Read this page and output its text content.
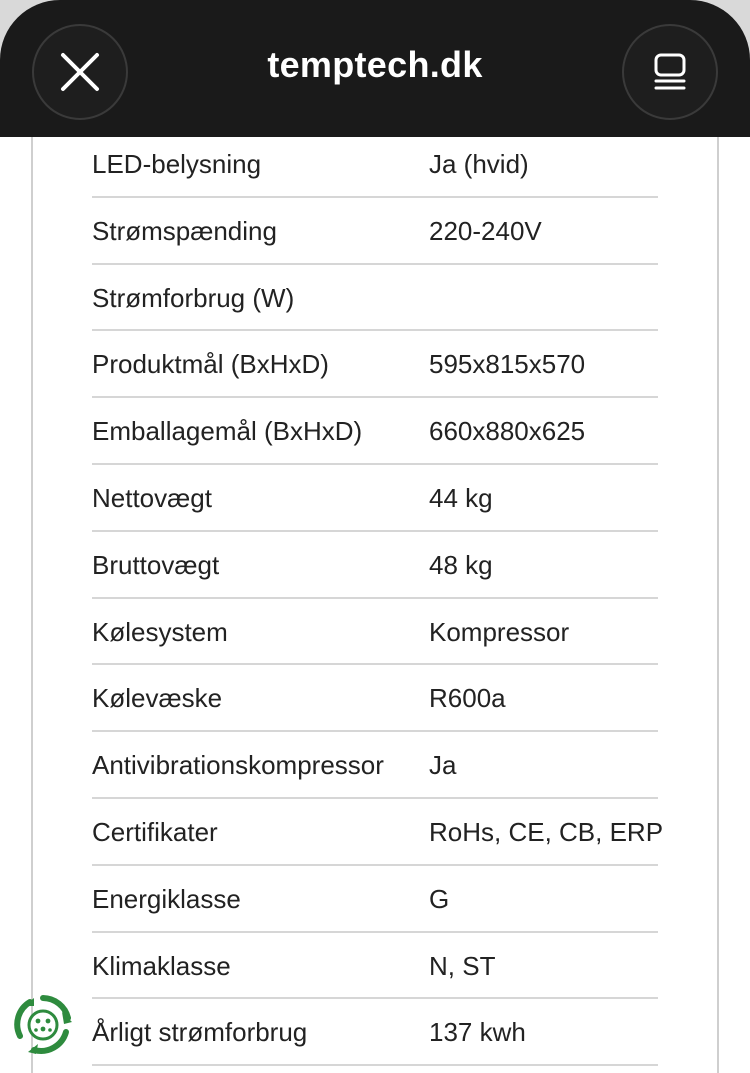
temptech.dk
LED-belysning	Ja (hvid)
Strømspænding	220-240V
Strømforbrug (W)
Produktmål (BxHxD)	595x815x570
Emballagemål (BxHxD)	660x880x625
Nettovægt	44 kg
Bruttovægt	48 kg
Kølesystem	Kompressor
Kølevæske	R600a
Antivibrationskompressor Ja
Certifikater	RoHs, CE, CB, ERP
Energiklasse	G
Klimaklasse	N, ST
Årligt strømforbrug	137 kwh
